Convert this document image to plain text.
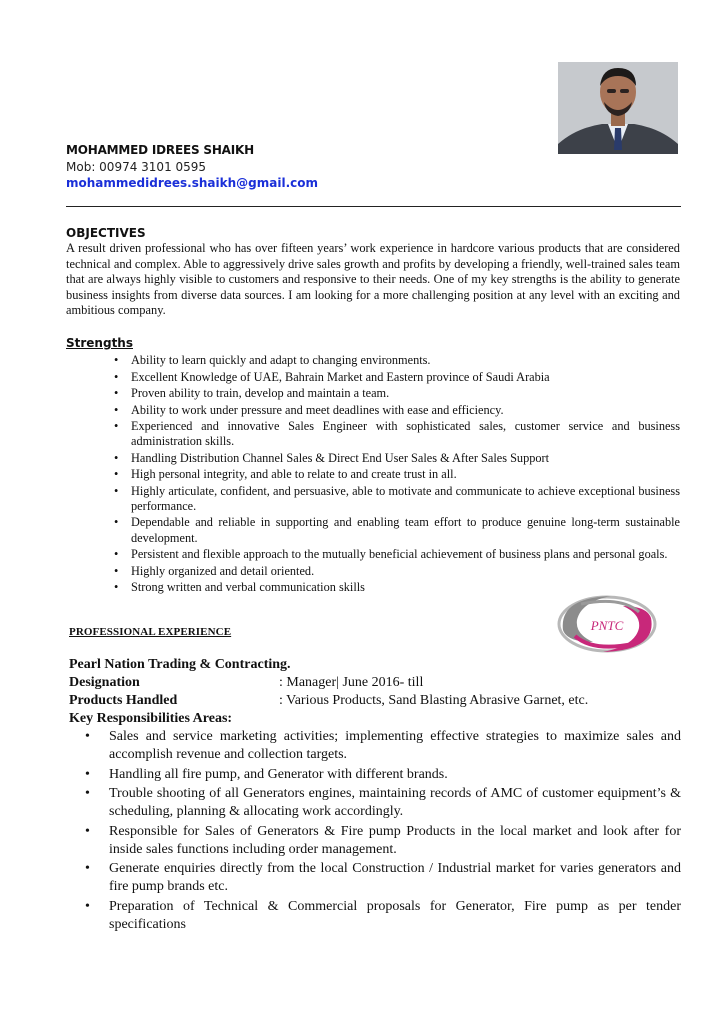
MOHAMMED IDREES SHAIKH
Mob: 00974 3101 0595
mohammedidrees.shaikh@gmail.com
OBJECTIVES
A result driven professional who has over fifteen years’ work experience in hardcore various products that are considered technical and complex. Able to aggressively drive sales growth and profits by developing a friendly, well-trained sales team that are always highly visible to customers and responsive to their needs. One of my key strengths is the ability to generate business insights from diverse data sources. I am looking for a more challenging position at any level with an exciting and ambitious company.
Strengths
• Ability to learn quickly and adapt to changing environments.
• Excellent Knowledge of UAE, Bahrain Market and Eastern province of Saudi Arabia
• Proven ability to train, develop and maintain a team.
• Ability to work under pressure and meet deadlines with ease and efficiency.
• Experienced and innovative Sales Engineer with sophisticated sales, customer service and business administration skills.
• Handling Distribution Channel Sales & Direct End User Sales & After Sales Support
• High personal integrity, and able to relate to and create trust in all.
• Highly articulate, confident, and persuasive, able to motivate and communicate to achieve exceptional business performance.
• Dependable and reliable in supporting and enabling team effort to produce genuine long-term sustainable development.
• Persistent and flexible approach to the mutually beneficial achievement of business plans and personal goals.
• Highly organized and detail oriented.
• Strong written and verbal communication skills
PNTC
PROFESSIONAL EXPERIENCE
Pearl Nation Trading & Contracting.
Designation	: Manager| June 2016- till
Products Handled	: Various Products, Sand Blasting Abrasive Garnet, etc.
Key Responsibilities Areas:
• Sales and service marketing activities; implementing effective strategies to maximize sales and accomplish revenue and collection targets.
• Handling all fire pump, and Generator with different brands.
• Trouble shooting of all Generators engines, maintaining records of AMC of customer equipment’s & scheduling, planning & allocating work accordingly.
• Responsible for Sales of Generators & Fire pump Products in the local market and look after for inside sales functions including order management.
• Generate enquiries directly from the local Construction / Industrial market for varies generators and fire pump brands etc.
• Preparation of Technical & Commercial proposals for Generator, Fire pump as per tender specifications
